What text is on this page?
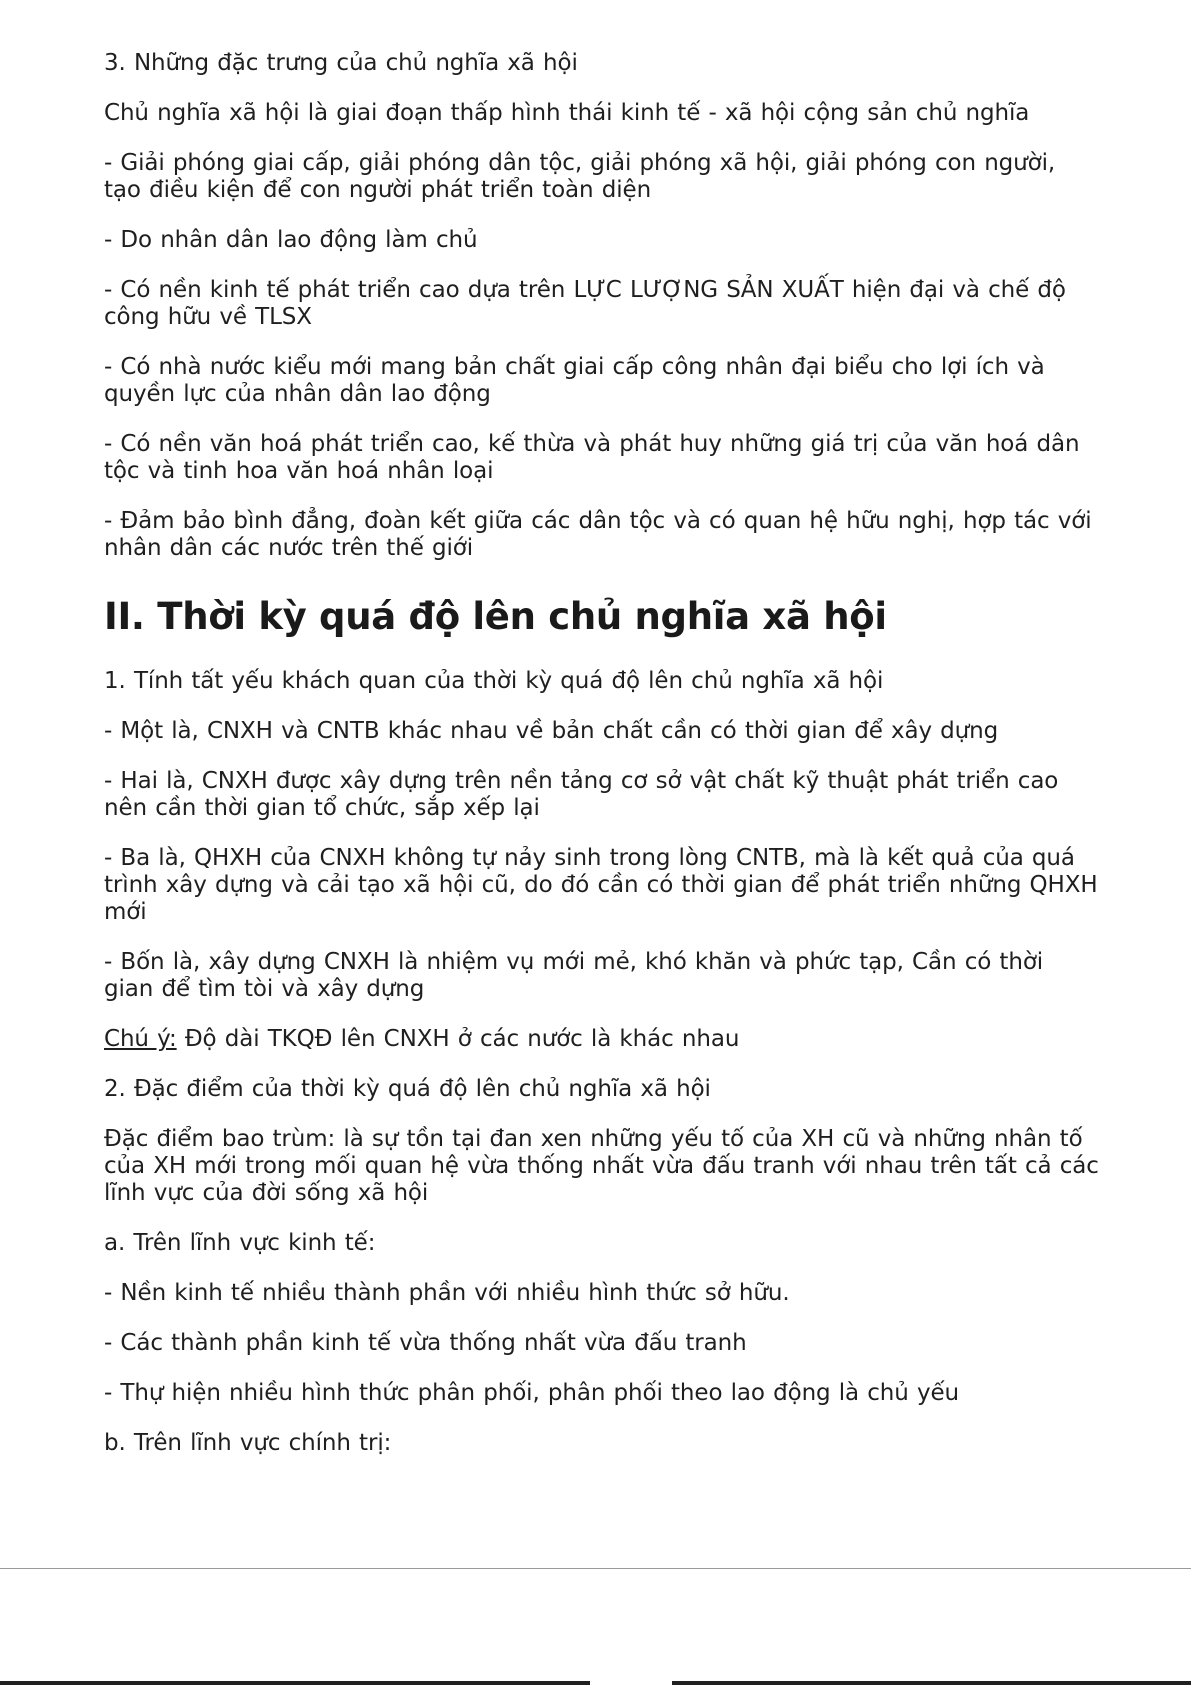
3. Những đặc trưng của chủ nghĩa xã hội

Chủ nghĩa xã hội là giai đoạn thấp hình thái kinh tế - xã hội cộng sản chủ nghĩa

- Giải phóng giai cấp, giải phóng dân tộc, giải phóng xã hội, giải phóng con người, tạo điều kiện để con người phát triển toàn diện

- Do nhân dân lao động làm chủ

- Có nền kinh tế phát triển cao dựa trên LỰC LƯỢNG SẢN XUẤT hiện đại và chế độ công hữu về TLSX

- Có nhà nước kiểu mới mang bản chất giai cấp công nhân đại biểu cho lợi ích và quyền lực của nhân dân lao động

- Có nền văn hoá phát triển cao, kế thừa và phát huy những giá trị của văn hoá dân tộc và tinh hoa văn hoá nhân loại

- Đảm bảo bình đẳng, đoàn kết giữa các dân tộc và có quan hệ hữu nghị, hợp tác với nhân dân các nước trên thế giới

II. Thời kỳ quá độ lên chủ nghĩa xã hội

1. Tính tất yếu khách quan của thời kỳ quá độ lên chủ nghĩa xã hội

- Một là, CNXH và CNTB khác nhau về bản chất cần có thời gian để xây dựng

- Hai là, CNXH được xây dựng trên nền tảng cơ sở vật chất kỹ thuật phát triển cao nên cần thời gian tổ chức, sắp xếp lại

- Ba là, QHXH của CNXH không tự nảy sinh trong lòng CNTB, mà là kết quả của quá trình xây dựng và cải tạo xã hội cũ, do đó cần có thời gian để phát triển những QHXH mới

- Bốn là, xây dựng CNXH là nhiệm vụ mới mẻ, khó khăn và phức tạp, Cần có thời gian để tìm tòi và xây dựng

Chú ý: Độ dài TKQĐ lên CNXH ở các nước là khác nhau

2. Đặc điểm của thời kỳ quá độ lên chủ nghĩa xã hội

Đặc điểm bao trùm: là sự tồn tại đan xen những yếu tố của XH cũ và những nhân tố của XH mới trong mối quan hệ vừa thống nhất vừa đấu tranh với nhau trên tất cả các lĩnh vực của đời sống xã hội

a. Trên lĩnh vực kinh tế:

- Nền kinh tế nhiều thành phần với nhiều hình thức sở hữu.

- Các thành phần kinh tế vừa thống nhất vừa đấu tranh

- Thự hiện nhiều hình thức phân phối, phân phối theo lao động là chủ yếu

b. Trên lĩnh vực chính trị:
